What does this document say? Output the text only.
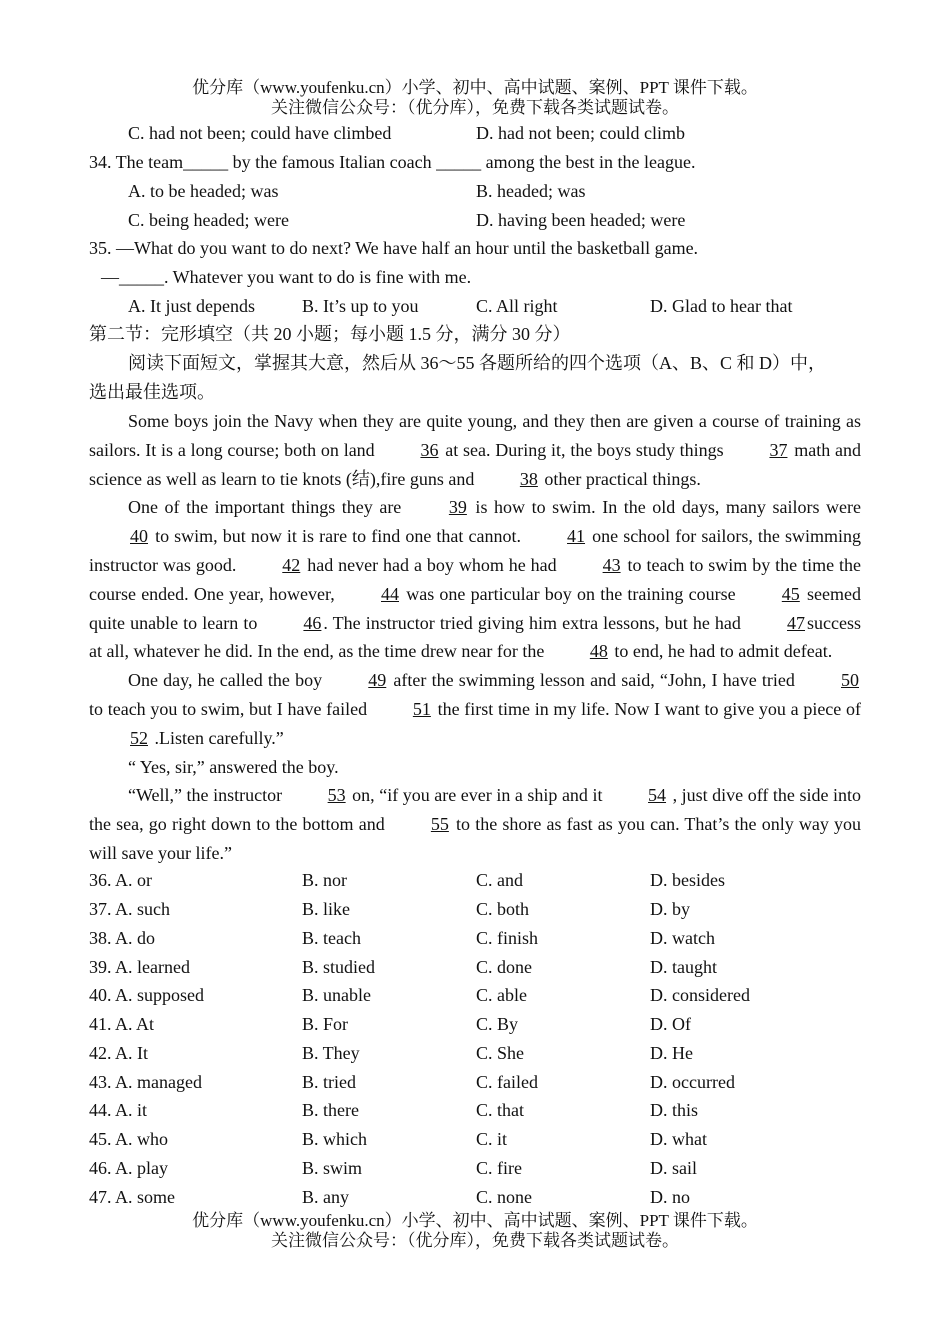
优分库（www.youfenku.cn）小学、初中、高中试题、案例、PPT 课件下载。
关注微信公众号：（优分库），免费下载各类试题试卷。
C. had not been; could have climbed	D. had not been; could climb
34. The team_____ by the famous Italian coach _____ among the best in the league.
A. to be headed; was	B. headed; was
C. being headed; were	D. having been headed; were
35. —What do you want to do next? We have half an hour until the basketball game.
—_____. Whatever you want to do is fine with me.
A. It just depends	B. It’s up to you	C. All right	D. Glad to hear that
第二节：完形填空（共 20 小题；每小题 1.5 分，满分 30 分）
阅读下面短文，掌握其大意，然后从 36～55 各题所给的四个选项（A、B、C 和 D）中，
选出最佳选项。

Some boys join the Navy when they are quite young, and they then are given a course of training as sailors. It is a long course; both on land 36 at sea. During it, the boys study things 37 math and science as well as learn to tie knots (结),fire guns and 38 other practical things.

One of the important things they are 39 is how to swim. In the old days, many sailors were 40 to swim, but now it is rare to find one that cannot. 41 one school for sailors, the swimming instructor was good. 42 had never had a boy whom he had 43 to teach to swim by the time the course ended. One year, however, 44 was one particular boy on the training course 45 seemed quite unable to learn to 46 . The instructor tried giving him extra lessons, but he had 47 success at all, whatever he did. In the end, as the time drew near for the 48 to end, he had to admit defeat.

One day, he called the boy 49 after the swimming lesson and said, “John, I have tried 50 to teach you to swim, but I have failed 51 the first time in my life. Now I want to give you a piece of 52 .Listen carefully.”

“ Yes, sir,” answered the boy.

“Well,” the instructor 53 on, “if you are ever in a ship and it 54 , just dive off the side into the sea, go right down to the bottom and 55 to the shore as fast as you can. That’s the only way you will save your life.”

36. A. or	B. nor	C. and	D. besides
37. A. such	B. like	C. both	D. by
38. A. do	B. teach	C. finish	D. watch
39. A. learned	B. studied	C. done	D. taught
40. A. supposed	B. unable	C. able	D. considered
41. A. At	B. For	C. By	D. Of
42. A. It	B. They	C. She	D. He
43. A. managed	B. tried	C. failed	D. occurred
44. A. it	B. there	C. that	D. this
45. A. who	B. which	C. it	D. what
46. A. play	B. swim	C. fire	D. sail
47. A. some	B. any	C. none	D. no
优分库（www.youfenku.cn）小学、初中、高中试题、案例、PPT 课件下载。
关注微信公众号：（优分库），免费下载各类试题试卷。
